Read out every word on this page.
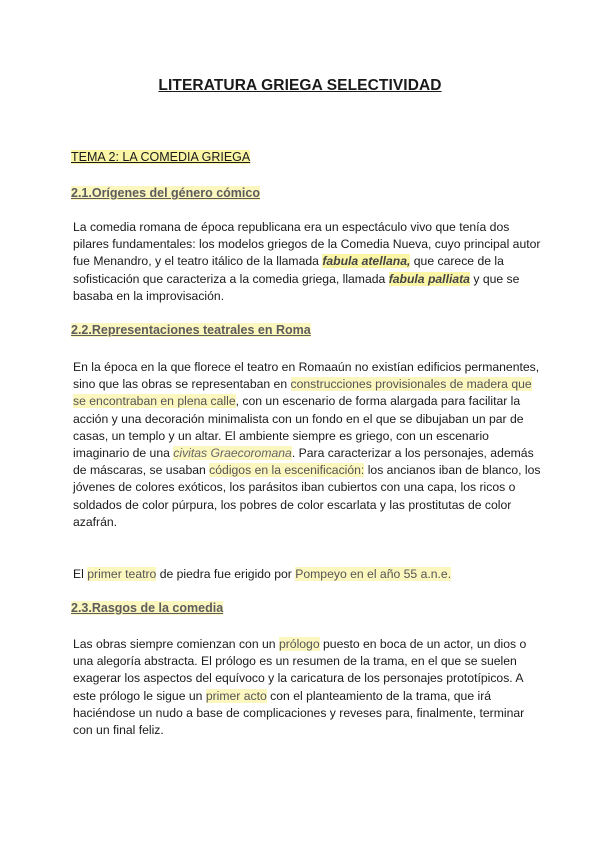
LITERATURA GRIEGA SELECTIVIDAD
TEMA 2: LA COMEDIA GRIEGA
2.1.Orígenes del género cómico

La comedia romana de época republicana era un espectáculo vivo que tenía dos pilares fundamentales: los modelos griegos de la Comedia Nueva, cuyo principal autor fue Menandro, y el teatro itálico de la llamada fabula atellana, que carece de la sofisticación que caracteriza a la comedia griega, llamada fabula palliata y que se basaba en la improvisación.

2.2.Representaciones teatrales en Roma

En la época en la que florece el teatro en Romaaún no existían edificios permanentes, sino que las obras se representaban en construcciones provisionales de madera que se encontraban en plena calle, con un escenario de forma alargada para facilitar la acción y una decoración minimalista con un fondo en el que se dibujaban un par de casas, un templo y un altar. El ambiente siempre es griego, con un escenario imaginario de una civitas Graecoromana. Para caracterizar a los personajes, además de máscaras, se usaban códigos en la escenificación: los ancianos iban de blanco, los jóvenes de colores exóticos, los parásitos iban cubiertos con una capa, los ricos o soldados de color púrpura, los pobres de color escarlata y las prostitutas de color azafrán.

El primer teatro de piedra fue erigido por Pompeyo en el año 55 a.n.e.

2.3.Rasgos de la comedia

Las obras siempre comienzan con un prólogo puesto en boca de un actor, un dios o una alegoría abstracta. El prólogo es un resumen de la trama, en el que se suelen exagerar los aspectos del equívoco y la caricatura de los personajes prototípicos. A este prólogo le sigue un primer acto con el planteamiento de la trama, que irá haciéndose un nudo a base de complicaciones y reveses para, finalmente, terminar con un final feliz.
